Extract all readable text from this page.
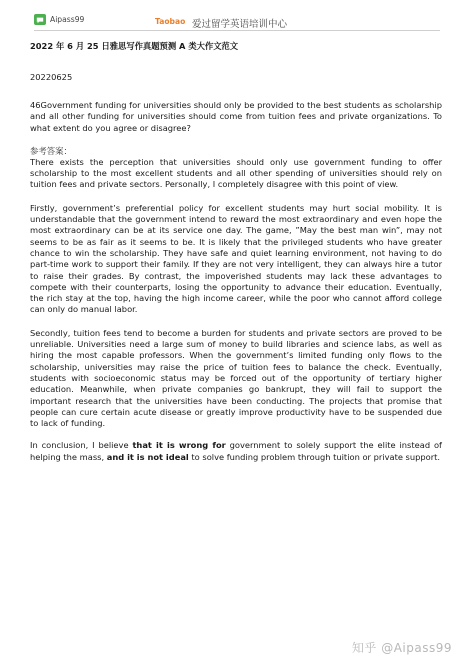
Aipass99	Taobao 爱过留学英语培训中心

2022 年 6 月 25 日雅思写作真题预测 A 类大作文范文

20220625

46Government funding for universities should only be provided to the best students as scholarship and all other funding for universities should come from tuition fees and private organizations. To what extent do you agree or disagree?

参考答案：

There exists the perception that universities should only use government funding to offer scholarship to the most excellent students and all other spending of universities should rely on tuition fees and private sectors. Personally, I completely disagree with this point of view.

Firstly, government’s preferential policy for excellent students may hurt social mobility. It is understandable that the government intend to reward the most extraordinary and even hope the most extraordinary can be at its service one day. The game, ”May the best man win”, may not seems to be as fair as it seems to be. It is likely that the privileged students who have greater chance to win the scholarship. They have safe and quiet learning environment, not having to do part-time work to support their family. If they are not very intelligent, they can always hire a tutor to raise their grades. By contrast, the impoverished students may lack these advantages to compete with their counterparts, losing the opportunity to advance their education. Eventually, the rich stay at the top, having the high income career, while the poor who cannot afford college can only do manual labor.

Secondly, tuition fees tend to become a burden for students and private sectors are proved to be unreliable. Universities need a large sum of money to build libraries and science labs, as well as hiring the most capable professors. When the government’s limited funding only flows to the scholarship, universities may raise the price of tuition fees to balance the check. Eventually, students with socioeconomic status may be forced out of the opportunity of tertiary higher education. Meanwhile, when private companies go bankrupt, they will fail to support the important research that the universities have been conducting. The projects that promise that people can cure certain acute disease or greatly improve productivity have to be suspended due to lack of funding.

In conclusion, I believe that it is wrong for government to solely support the elite instead of helping the mass, and it is not ideal to solve funding problem through tuition or private support.

知乎 @Aipass99
